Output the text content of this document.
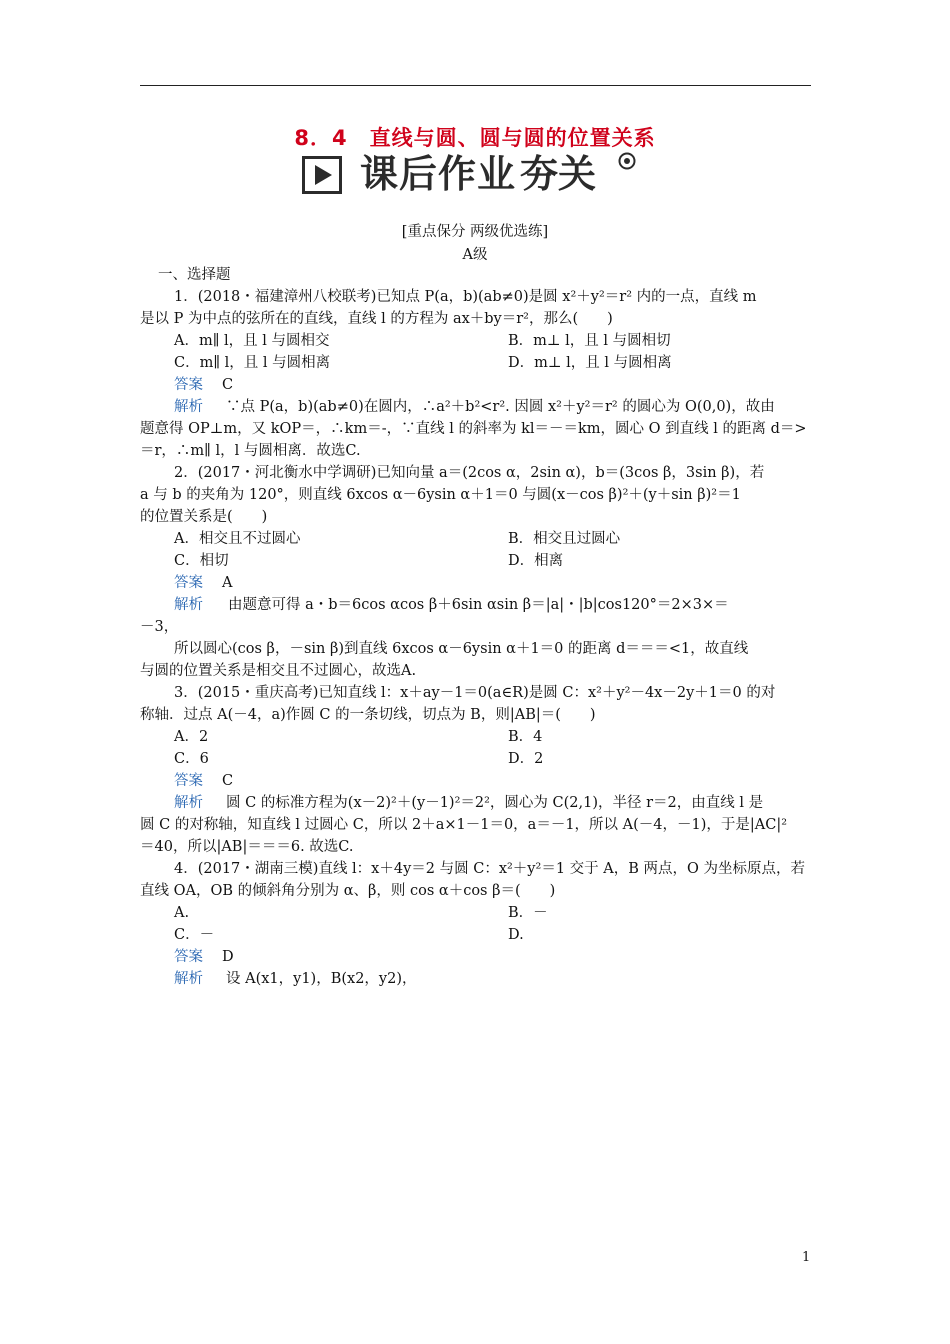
8．4　直线与圆、圆与圆的位置关系
课后作业 夯关
[重点保分 两级优选练]
A级
一、选择题
1．(2018・福建漳州八校联考)已知点 P(a，b)(ab≠0)是圆 x²＋y²＝r² 内的一点，直线 m
是以 P 为中点的弦所在的直线，直线 l 的方程为 ax＋by＝r²，那么(　　)
A．m∥ l，且 l 与圆相交	B．m⊥ l，且 l 与圆相切
C．m∥ l，且 l 与圆相离	D．m⊥ l，且 l 与圆相离
答案	C
解析	∵点 P(a，b)(ab≠0)在圆内，∴a²＋b²<r². 因圆 x²＋y²＝r² 的圆心为 O(0,0)，故由
题意得 OP⊥m，又 kOP＝，∴km＝-，∵直线 l 的斜率为 kl＝－＝km，圆心 O 到直线 l 的距离 d＝>
＝r，∴m∥ l，l 与圆相离．故选C.
2．(2017・河北衡水中学调研)已知向量 a＝(2cos α，2sin α)，b＝(3cos β，3sin β)，若
a 与 b 的夹角为 120°，则直线 6xcos α－6ysin α＋1＝0 与圆(x－cos β)²＋(y＋sin β)²＝1
的位置关系是(　　)
A．相交且不过圆心	B．相交且过圆心
C．相切	D．相离
答案	A
解析	由题意可得 a・b＝6cos αcos β＋6sin αsin β＝|a|・|b|cos120°＝2×3×＝
－3，
所以圆心(cos β，－sin β)到直线 6xcos α－6ysin α＋1＝0 的距离 d＝＝＝<1，故直线
与圆的位置关系是相交且不过圆心，故选A.
3．(2015・重庆高考)已知直线 l：x＋ay－1＝0(a∈R)是圆 C：x²＋y²－4x－2y＋1＝0 的对
称轴．过点 A(－4，a)作圆 C 的一条切线，切点为 B，则|AB|＝(　　)
A．2	B．4
C．6	D．2
答案	C
解析	圆 C 的标准方程为(x－2)²＋(y－1)²＝2²，圆心为 C(2,1)，半径 r＝2，由直线 l 是
圆 C 的对称轴，知直线 l 过圆心 C，所以 2＋a×1－1＝0，a＝－1，所以 A(－4，－1)，于是|AC|²
＝40，所以|AB|＝＝＝6. 故选C.
4．(2017・湖南三模)直线 l：x＋4y＝2 与圆 C：x²＋y²＝1 交于 A，B 两点，O 为坐标原点，若
直线 OA，OB 的倾斜角分别为 α、β，则 cos α＋cos β＝(　　)
A.	B．－
C．－	D.
答案	D
解析	设 A(x1，y1)，B(x2，y2)，
1
